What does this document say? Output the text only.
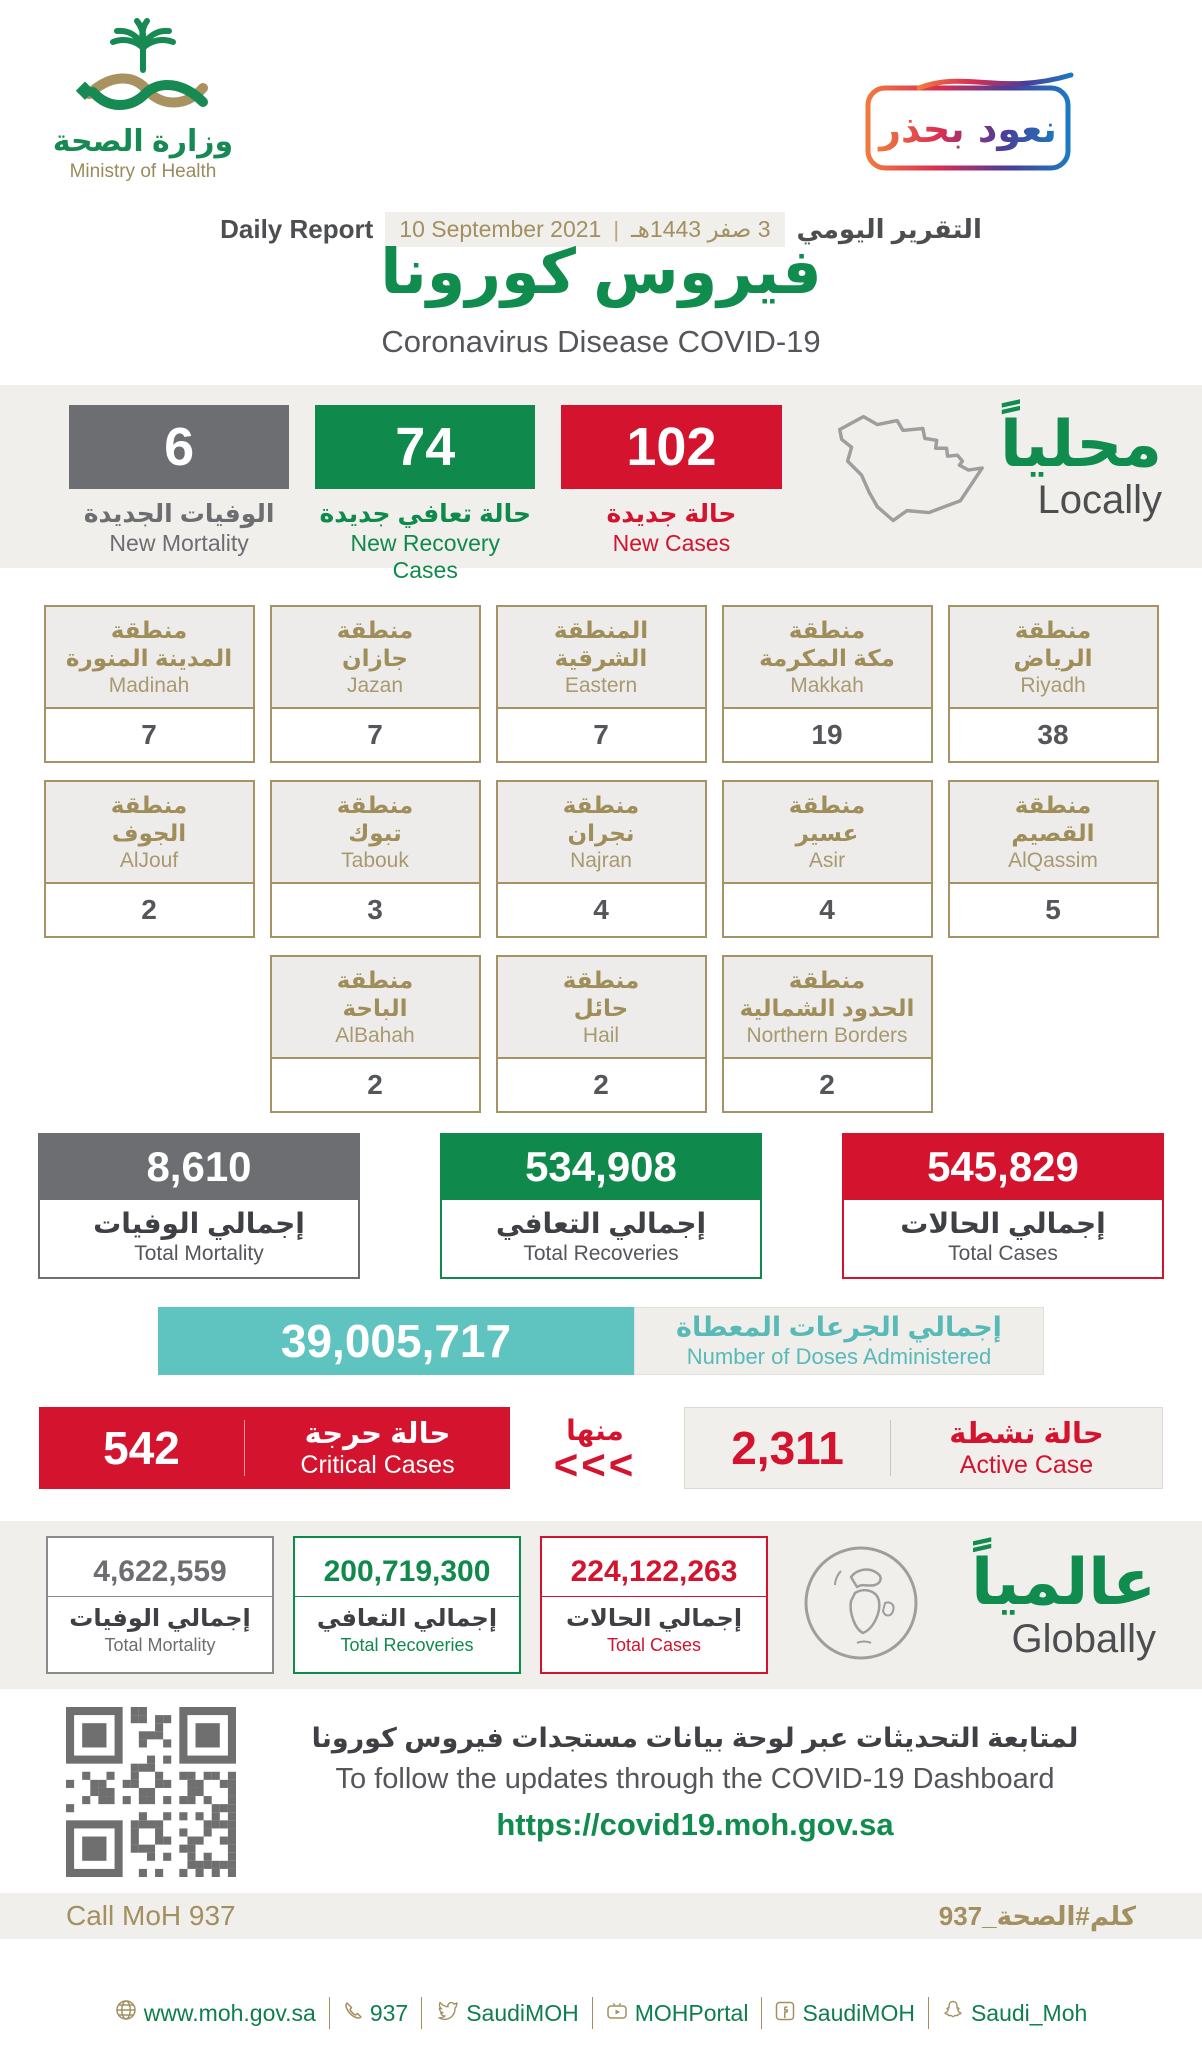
وزارة الصحة
Ministry of Health
نعود بحذر
Daily Report 10 September 2021 | 3 صفر 1443هـ التقرير اليومي
فيروس كورونا
Coronavirus Disease COVID-19
6
الوفيات الجديدة
New Mortality
74
حالة تعافي جديدة
New Recovery Cases
102
حالة جديدة
New Cases
محلياً
Locally
منطقة
المدينة المنورة
Madinah
7
منطقة
جازان
Jazan
7
المنطقة
الشرقية
Eastern
7
منطقة
مكة المكرمة
Makkah
19
منطقة
الرياض
Riyadh
38
منطقة
الجوف
AlJouf
2
منطقة
تبوك
Tabouk
3
منطقة
نجران
Najran
4
منطقة
عسير
Asir
4
منطقة
القصيم
AlQassim
5
منطقة
الباحة
AlBahah
2
منطقة
حائل
Hail
2
منطقة
الحدود الشمالية
Northern Borders
2
8,610
إجمالي الوفيات
Total Mortality
534,908
إجمالي التعافي
Total Recoveries
545,829
إجمالي الحالات
Total Cases
39,005,717	إجمالي الجرعات المعطاة
Number of Doses Administered
542	حالة حرجة
Critical Cases
منها
<<<	2,311	حالة نشطة
Active Case
4,622,559
إجمالي الوفيات
Total Mortality
200,719,300
إجمالي التعافي
Total Recoveries
224,122,263
إجمالي الحالات
Total Cases
عالمياً
Globally
لمتابعة التحديثات عبر لوحة بيانات مستجدات فيروس كورونا
To follow the updates through the COVID-19 Dashboard
https://covid19.moh.gov.sa
Call MoH 937	كلم#الصحة_937
www.moh.gov.sa 937	SaudiMOH MOHPortal SaudiMOH Saudi_Moh
